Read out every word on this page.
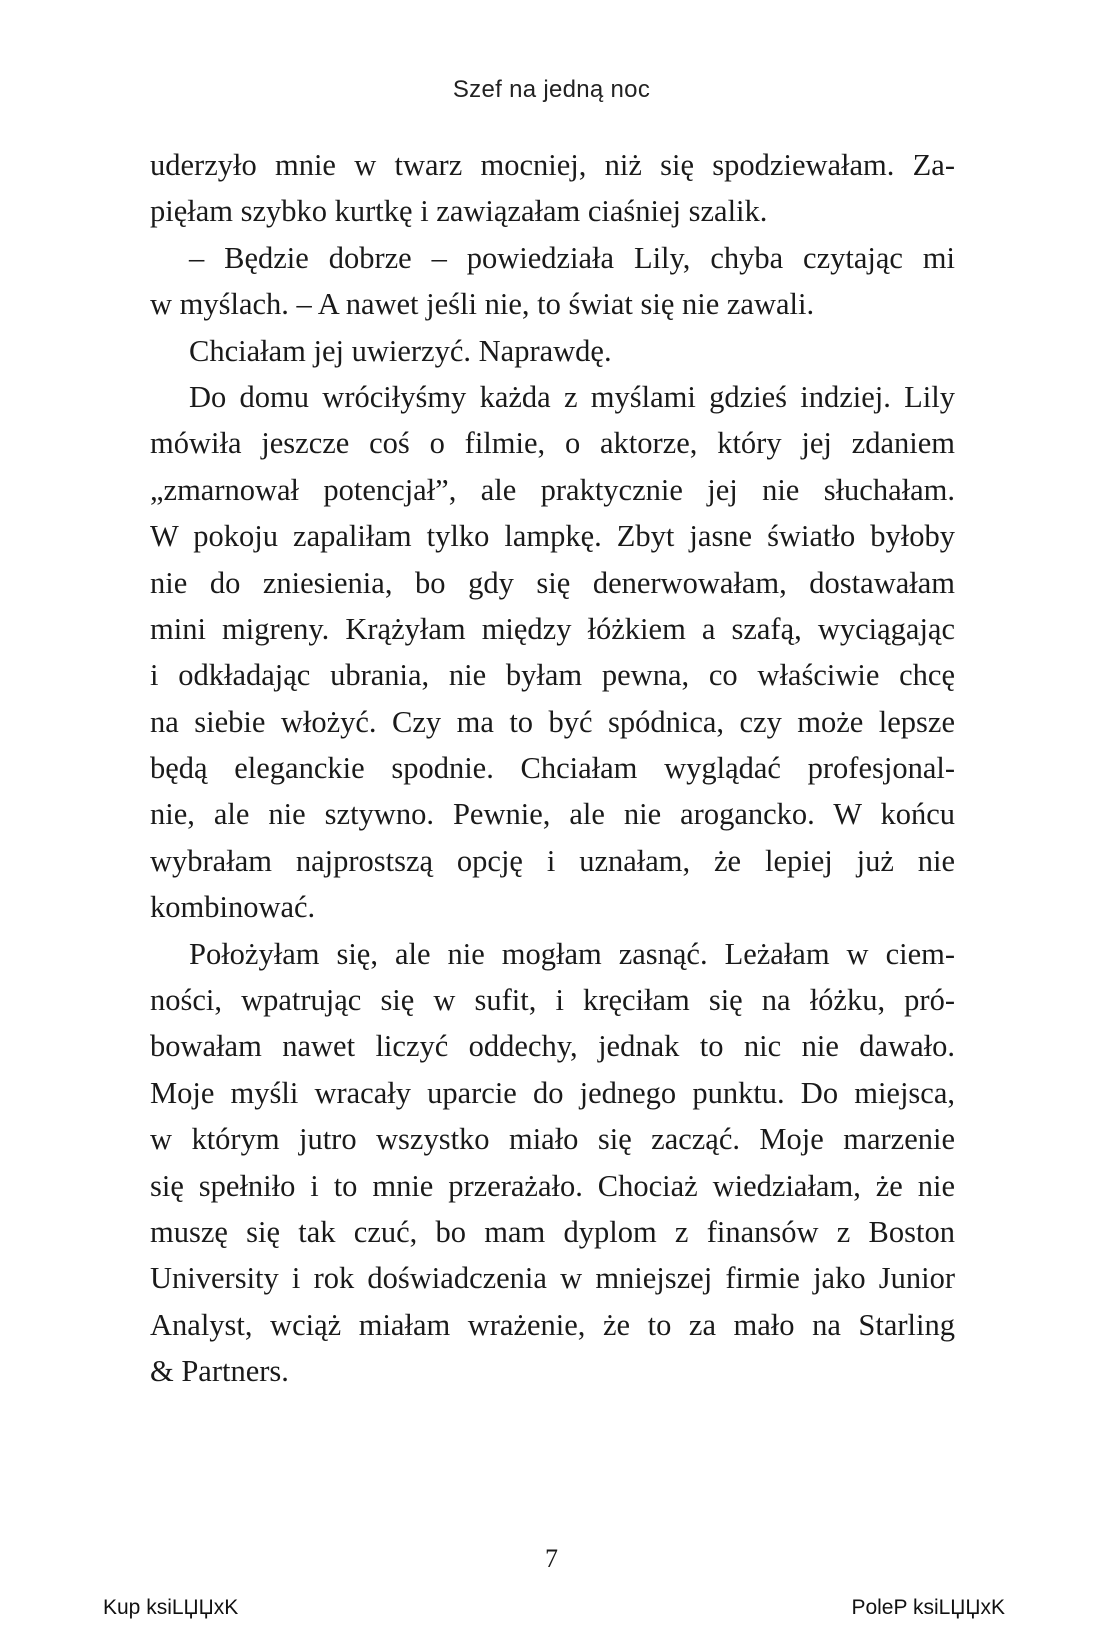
Szef na jedną noc
uderzyło mnie w twarz mocniej, niż się spodziewałam. Za-
pięłam szybko kurtkę i zawiązałam ciaśniej szalik.
– Będzie dobrze – powiedziała Lily, chyba czytając mi
w myślach. – A nawet jeśli nie, to świat się nie zawali.
Chciałam jej uwierzyć. Naprawdę.
Do domu wróciłyśmy każda z myślami gdzieś indziej. Lily
mówiła jeszcze coś o filmie, o aktorze, który jej zdaniem
„zmarnował potencjał”, ale praktycznie jej nie słuchałam.
W pokoju zapaliłam tylko lampkę. Zbyt jasne światło byłoby
nie do zniesienia, bo gdy się denerwowałam, dostawałam
mini migreny. Krążyłam między łóżkiem a szafą, wyciągając
i odkładając ubrania, nie byłam pewna, co właściwie chcę
na siebie włożyć. Czy ma to być spódnica, czy może lepsze
będą eleganckie spodnie. Chciałam wyglądać profesjonal-
nie, ale nie sztywno. Pewnie, ale nie arogancko. W końcu
wybrałam najprostszą opcję i uznałam, że lepiej już nie
kombinować.
Położyłam się, ale nie mogłam zasnąć. Leżałam w ciem-
ności, wpatrując się w sufit, i kręciłam się na łóżku, pró-
bowałam nawet liczyć oddechy, jednak to nic nie dawało.
Moje myśli wracały uparcie do jednego punktu. Do miejsca,
w którym jutro wszystko miało się zacząć. Moje marzenie
się spełniło i to mnie przerażało. Chociaż wiedziałam, że nie
muszę się tak czuć, bo mam dyplom z finansów z Boston
University i rok doświadczenia w mniejszej firmie jako Junior
Analyst, wciąż miałam wrażenie, że to za mało na Starling
& Partners.
7
Kup ksiLЏЏxK	PoleP ksiLЏЏxK
